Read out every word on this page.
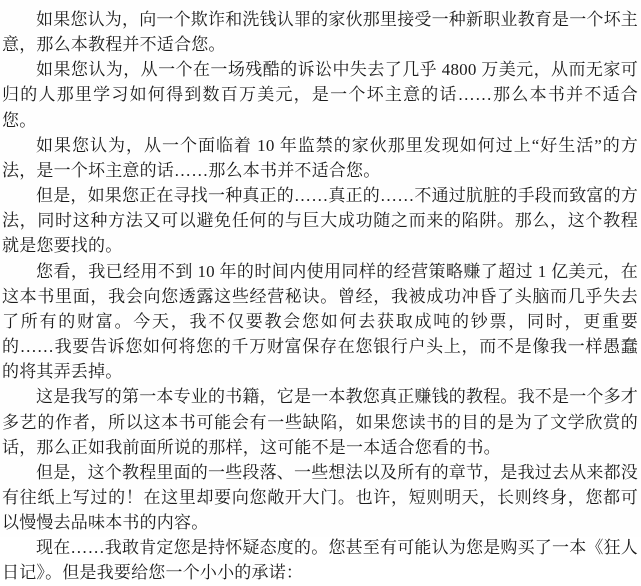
如果您认为，向一个欺诈和洗钱认罪的家伙那里接受一种新职业教育是一个坏主意，那么本教程并不适合您。

如果您认为，从一个在一场残酷的诉讼中失去了几乎 4800 万美元，从而无家可归的人那里学习如何得到数百万美元，是一个坏主意的话……那么本书并不适合您。

如果您认为，从一个面临着 10 年监禁的家伙那里发现如何过上“好生活”的方法，是一个坏主意的话……那么本书并不适合您。

但是，如果您正在寻找一种真正的……真正的……不通过肮脏的手段而致富的方法，同时这种方法又可以避免任何的与巨大成功随之而来的陷阱。那么，这个教程就是您要找的。

您看，我已经用不到 10 年的时间内使用同样的经营策略赚了超过 1 亿美元，在这本书里面，我会向您透露这些经营秘诀。曾经，我被成功冲昏了头脑而几乎失去了所有的财富。今天，我不仅要教会您如何去获取成吨的钞票，同时，更重要的……我要告诉您如何将您的千万财富保存在您银行户头上，而不是像我一样愚蠢的将其弄丢掉。

这是我写的第一本专业的书籍，它是一本教您真正赚钱的教程。我不是一个多才多艺的作者，所以这本书可能会有一些缺陷，如果您读书的目的是为了文学欣赏的话，那么正如我前面所说的那样，这可能不是一本适合您看的书。

但是，这个教程里面的一些段落、一些想法以及所有的章节，是我过去从来都没有往纸上写过的！在这里却要向您敞开大门。也许，短则明天，长则终身，您都可以慢慢去品味本书的内容。

现在……我敢肯定您是持怀疑态度的。您甚至有可能认为您是购买了一本《狂人日记》。但是我要给您一个小小的承诺：
